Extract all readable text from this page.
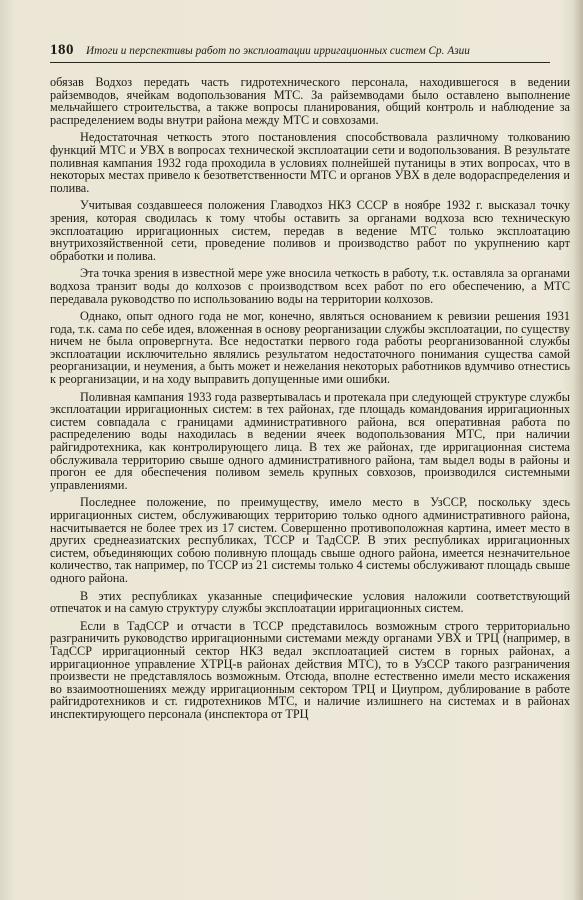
180 Итоги и перспективы работ по эксплоатации ирригационных систем Ср. Азии

обязав Водхоз передать часть гидротехнического персонала, находившегося в ведении райземводов, ячейкам водопользования МТС. За райземводами было оставлено выполнение мельчайшего строительства, а также вопросы планирования, общий контроль и наблюдение за распределением воды внутри района между МТС и совхозами.

Недостаточная четкость этого постановления способствовала различному толкованию функций МТС и УВХ в вопросах технической эксплоатации сети и водопользования. В результате поливная кампания 1932 года проходила в условиях полнейшей путаницы в этих вопросах, что в некоторых местах привело к безответственности МТС и органов УВХ в деле водораспределения и полива.

Учитывая создавшееся положения Главодхоз НКЗ СССР в ноябре 1932 г. высказал точку зрения, которая сводилась к тому чтобы оставить за органами водхоза всю техническую эксплоатацию ирригационных систем, передав в ведение МТС только эксплоатацию внутрихозяйственной сети, проведение поливов и производство работ по укрупнению карт обработки и полива.

Эта точка зрения в известной мере уже вносила четкость в работу, т.к. оставляла за органами водхоза транзит воды до колхозов с производством всех работ по его обеспечению, а МТС передавала руководство по использованию воды на территории колхозов.

Однако, опыт одного года не мог, конечно, являться основанием к ревизии решения 1931 года, т.к. сама по себе идея, вложенная в основу реорганизации службы эксплоатации, по существу ничем не была опровергнута. Все недостатки первого года работы реорганизованной службы эксплоатации исключительно являлись результатом недостаточного понимания существа самой реорганизации, и неумения, а быть может и нежелания некоторых работников вдумчиво отнестись к реорганизации, и на ходу выправить допущенные ими ошибки.

Поливная кампания 1933 года развертывалась и протекала при следующей структуре службы эксплоатации ирригационных систем: в тех районах, где площадь командования ирригационных систем совпадала с границами административного района, вся оперативная работа по распределению воды находилась в ведении ячеек водопользования МТС, при наличии райгидротехника, как контролирующего лица. В тех же районах, где ирригационная система обслуживала территорию свыше одного административного района, там выдел воды в районы и прогон ее для обеспечения поливом земель крупных совхозов, производился системными управлениями.

Последнее положение, по преимуществу, имело место в УзССР, поскольку здесь ирригационных систем, обслуживающих территорию только одного административного района, насчитывается не более трех из 17 систем. Совершенно противоположная картина, имеет место в других среднеазиатских республиках, ТССР и ТадССР. В этих республиках ирригационных систем, объединяющих собою поливную площадь свыше одного района, имеется незначительное количество, так например, по ТССР из 21 системы только 4 системы обслуживают площадь свыше одного района.

В этих республиках указанные специфические условия наложили соответствующий отпечаток и на самую структуру службы эксплоатации ирригационных систем.

Если в ТадССР и отчасти в ТССР представилось возможным строго территориально разграничить руководство ирригационными системами между органами УВХ и ТРЦ (например, в ТадССР ирригационный сектор НКЗ ведал эксплоатацией систем в горных районах, а ирригационное управление ХТРЦ-в районах действия МТС), то в УзССР такого разграничения произвести не представлялось возможным. Отсюда, вполне естественно имели место искажения во взаимоотношениях между ирригационным сектором ТРЦ и Циупром, дублирование в работе райгидротехников и ст. гидротехников МТС, и наличие излишнего на системах и в районах инспектирующего персонала (инспектора от ТРЦ
